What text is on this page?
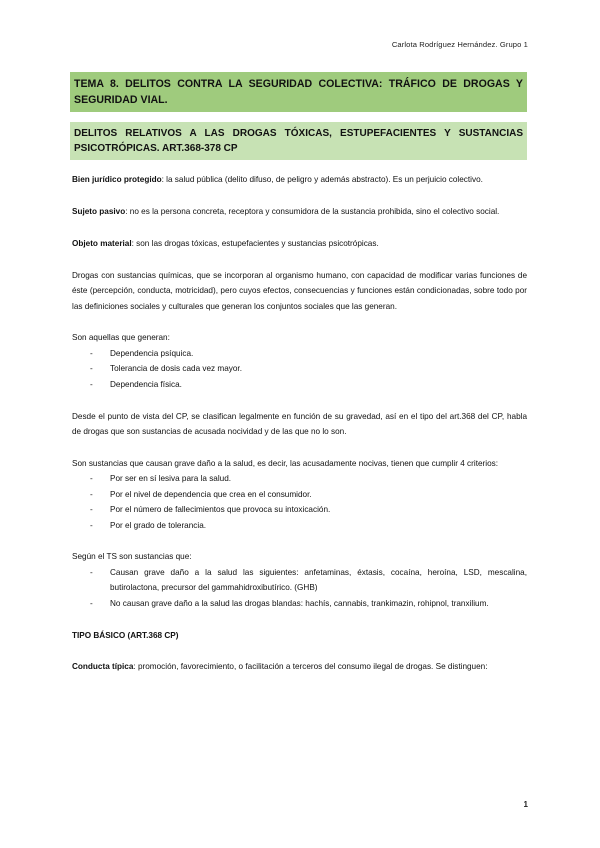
Carlota Rodríguez Hernández. Grupo 1

TEMA 8. DELITOS CONTRA LA SEGURIDAD COLECTIVA: TRÁFICO DE DROGAS Y SEGURIDAD VIAL.

DELITOS RELATIVOS A LAS DROGAS TÓXICAS, ESTUPEFACIENTES Y SUSTANCIAS PSICOTRÓPICAS. ART.368-378 CP

Bien jurídico protegido: la salud pública (delito difuso, de peligro y además abstracto). Es un perjuicio colectivo.

Sujeto pasivo: no es la persona concreta, receptora y consumidora de la sustancia prohibida, sino el colectivo social.

Objeto material: son las drogas tóxicas, estupefacientes y sustancias psicotrópicas.

Drogas con sustancias químicas, que se incorporan al organismo humano, con capacidad de modificar varias funciones de éste (percepción, conducta, motricidad), pero cuyos efectos, consecuencias y funciones están condicionadas, sobre todo por las definiciones sociales y culturales que generan los conjuntos sociales que las generan.

Son aquellas que generan:

- Dependencia psíquica.
- Tolerancia de dosis cada vez mayor.
- Dependencia física.

Desde el punto de vista del CP, se clasifican legalmente en función de su gravedad, así en el tipo del art.368 del CP, habla de drogas que son sustancias de acusada nocividad y de las que no lo son.

Son sustancias que causan grave daño a la salud, es decir, las acusadamente nocivas, tienen que cumplir 4 criterios:

- Por ser en sí lesiva para la salud.
- Por el nivel de dependencia que crea en el consumidor.
- Por el número de fallecimientos que provoca su intoxicación.
- Por el grado de tolerancia.

Según el TS son sustancias que:

- Causan grave daño a la salud las siguientes: anfetaminas, éxtasis, cocaína, heroína, LSD, mescalina, butirolactona, precursor del gammahidroxibutírico. (GHB)
- No causan grave daño a la salud las drogas blandas: hachís, cannabis, trankimazin, rohipnol, tranxilium.

TIPO BÁSICO (ART.368 CP)

Conducta típica: promoción, favorecimiento, o facilitación a terceros del consumo ilegal de drogas. Se distinguen:

1
